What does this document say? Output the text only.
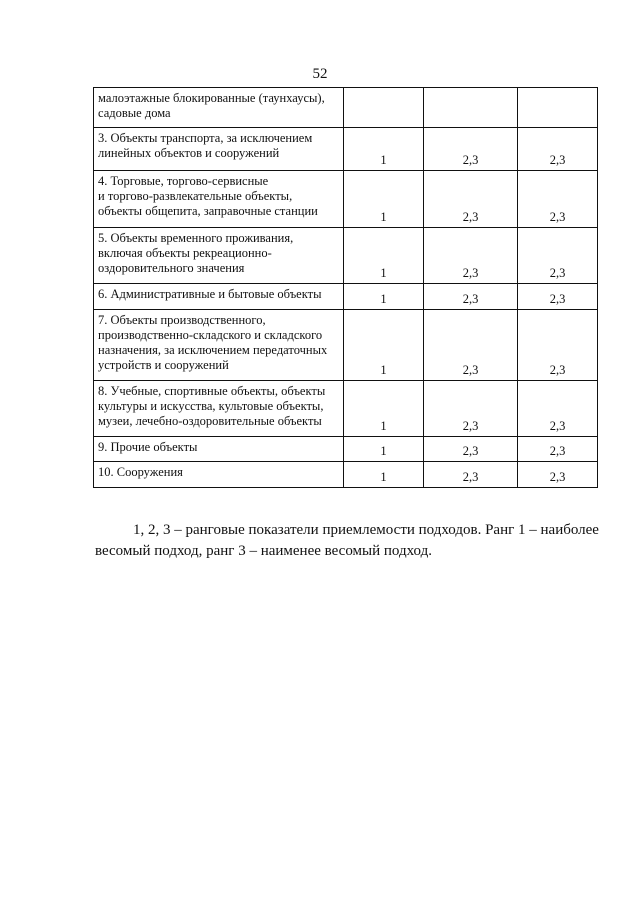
52
малоэтажные блокированные (таунхаусы),
садовые дома			

3. Объекты транспорта, за исключением
линейных объектов и сооружений	1	2,3	2,3

4. Торговые, торгово-сервисные
и торгово-развлекательные объекты,
объекты общепита, заправочные станции	1	2,3	2,3

5. Объекты временного проживания,
включая объекты рекреационно-
оздоровительного значения	1	2,3	2,3

6. Административные и бытовые объекты	1	2,3	2,3

7. Объекты производственного,
производственно-складского и складского
назначения, за исключением передаточных
устройств и сооружений	1	2,3	2,3

8. Учебные, спортивные объекты, объекты
культуры и искусства, культовые объекты,
музеи, лечебно-оздоровительные объекты	1	2,3	2,3

9. Прочие объекты	1	2,3	2,3

10. Сооружения	1	2,3	2,3

1, 2, 3 – ранговые показатели приемлемости подходов. Ранг 1 – наиболее весомый подход, ранг 3 – наименее весомый подход.
